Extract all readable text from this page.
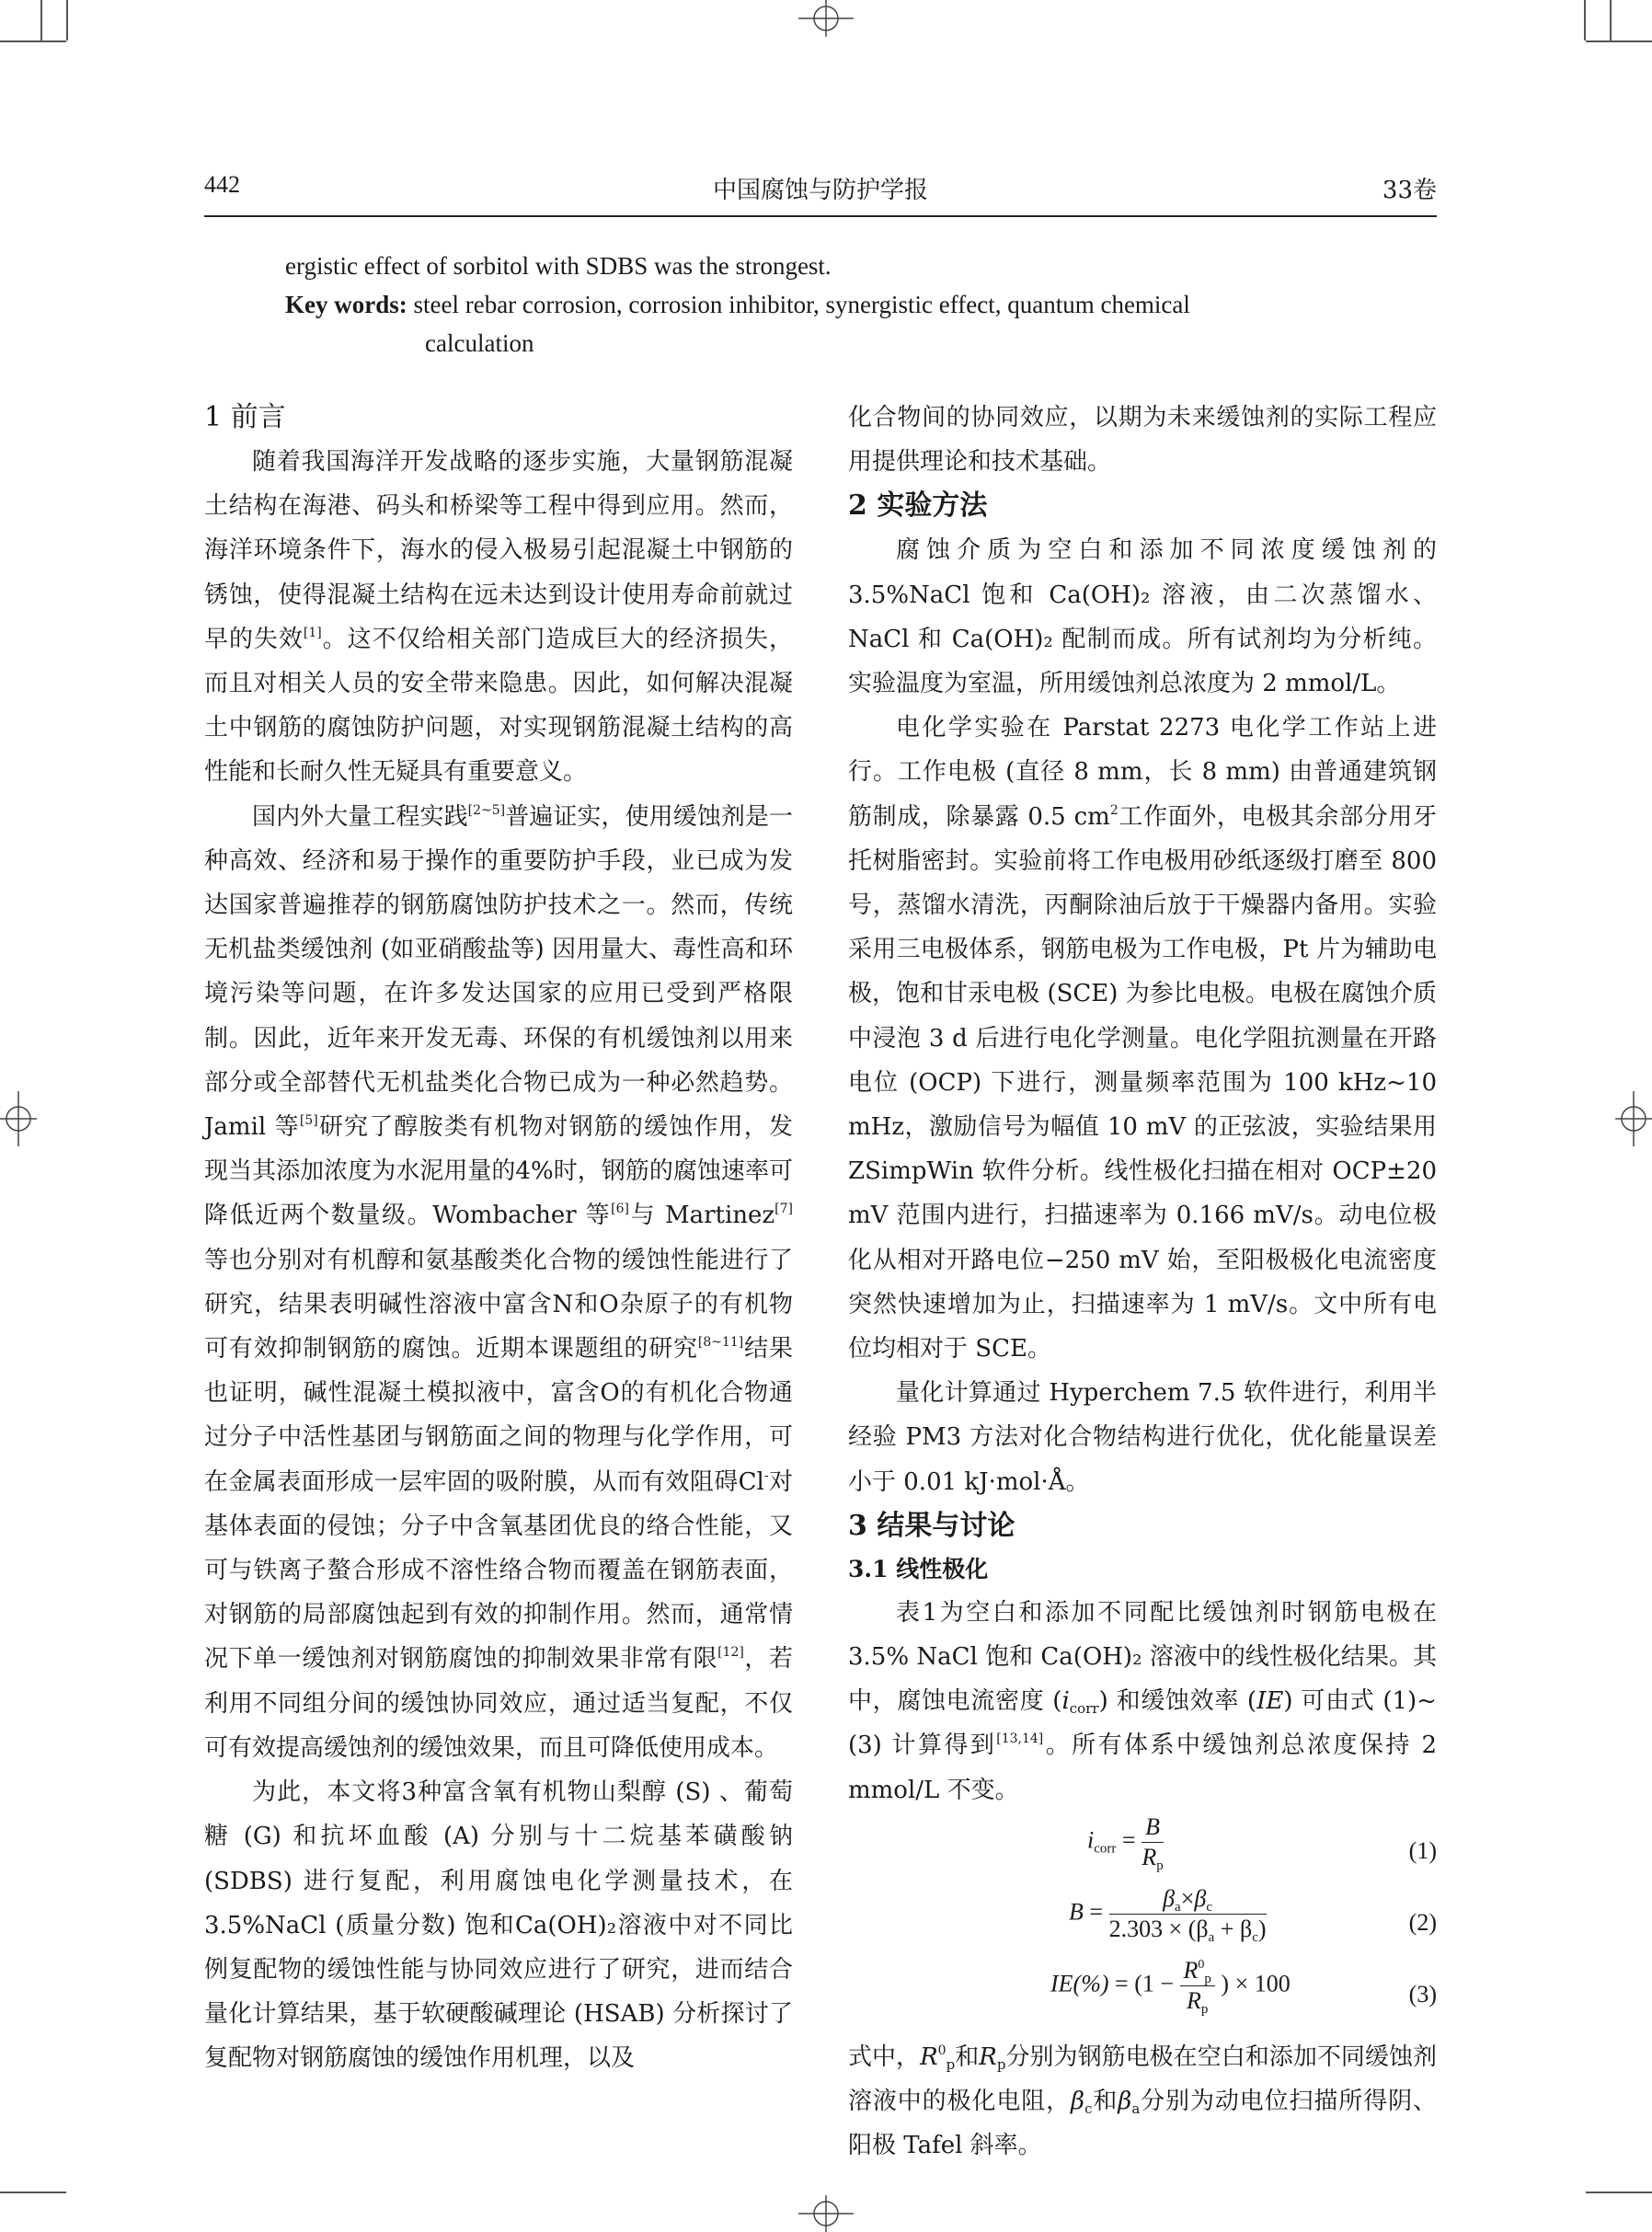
442	中国腐蚀与防护学报	33卷
ergistic effect of sorbitol with SDBS was the strongest.
Key words: steel rebar corrosion, corrosion inhibitor, synergistic effect, quantum chemical
calculation
1 前言

随着我国海洋开发战略的逐步实施，大量钢筋混凝土结构在海港、码头和桥梁等工程中得到应用。然而，海洋环境条件下，海水的侵入极易引起混凝土中钢筋的锈蚀，使得混凝土结构在远未达到设计使用寿命前就过早的失效[1]。这不仅给相关部门造成巨大的经济损失，而且对相关人员的安全带来隐患。因此，如何解决混凝土中钢筋的腐蚀防护问题，对实现钢筋混凝土结构的高性能和长耐久性无疑具有重要意义。

国内外大量工程实践[2~5]普遍证实，使用缓蚀剂是一种高效、经济和易于操作的重要防护手段，业已成为发达国家普遍推荐的钢筋腐蚀防护技术之一。然而，传统无机盐类缓蚀剂 (如亚硝酸盐等) 因用量大、毒性高和环境污染等问题，在许多发达国家的应用已受到严格限制。因此，近年来开发无毒、环保的有机缓蚀剂以用来部分或全部替代无机盐类化合物已成为一种必然趋势。Jamil 等[5]研究了醇胺类有机物对钢筋的缓蚀作用，发现当其添加浓度为水泥用量的4%时，钢筋的腐蚀速率可降低近两个数量级。Wombacher 等[6]与 Martinez[7]等也分别对有机醇和氨基酸类化合物的缓蚀性能进行了研究，结果表明碱性溶液中富含N和O杂原子的有机物可有效抑制钢筋的腐蚀。近期本课题组的研究[8~11]结果也证明，碱性混凝土模拟液中，富含O的有机化合物通过分子中活性基团与钢筋面之间的物理与化学作用，可在金属表面形成一层牢固的吸附膜，从而有效阻碍Cl-对基体表面的侵蚀；分子中含氧基团优良的络合性能，又可与铁离子螯合形成不溶性络合物而覆盖在钢筋表面，对钢筋的局部腐蚀起到有效的抑制作用。然而，通常情况下单一缓蚀剂对钢筋腐蚀的抑制效果非常有限[12]，若利用不同组分间的缓蚀协同效应，通过适当复配，不仅可有效提高缓蚀剂的缓蚀效果，而且可降低使用成本。

为此，本文将3种富含氧有机物山梨醇 (S) 、葡萄糖 (G) 和抗坏血酸 (A) 分别与十二烷基苯磺酸钠 (SDBS) 进行复配，利用腐蚀电化学测量技术，在3.5%NaCl (质量分数) 饱和Ca(OH)₂溶液中对不同比例复配物的缓蚀性能与协同效应进行了研究，进而结合量化计算结果，基于软硬酸碱理论 (HSAB) 分析探讨了复配物对钢筋腐蚀的缓蚀作用机理，以及

化合物间的协同效应，以期为未来缓蚀剂的实际工程应用提供理论和技术基础。

2 实验方法

腐蚀介质为空白和添加不同浓度缓蚀剂的3.5%NaCl 饱和 Ca(OH)₂ 溶液，由二次蒸馏水、NaCl 和 Ca(OH)₂ 配制而成。所有试剂均为分析纯。实验温度为室温，所用缓蚀剂总浓度为 2 mmol/L。

电化学实验在 Parstat 2273 电化学工作站上进行。工作电极 (直径 8 mm，长 8 mm) 由普通建筑钢筋制成，除暴露 0.5 $cm^2$工作面外，电极其余部分用牙托树脂密封。实验前将工作电极用砂纸逐级打磨至 800 号，蒸馏水清洗，丙酮除油后放于干燥器内备用。实验采用三电极体系，钢筋电极为工作电极，Pt 片为辅助电极，饱和甘汞电极 (SCE) 为参比电极。电极在腐蚀介质中浸泡 3 d 后进行电化学测量。电化学阻抗测量在开路电位 (OCP) 下进行，测量频率范围为 100 kHz~10 mHz，激励信号为幅值 10 mV 的正弦波，实验结果用 ZSimpWin 软件分析。线性极化扫描在相对 OCP±20 mV 范围内进行，扫描速率为 0.166 mV/s。动电位极化从相对开路电位−250 mV 始，至阳极极化电流密度突然快速增加为止，扫描速率为 1 mV/s。文中所有电位均相对于 SCE。

量化计算通过 Hyperchem 7.5 软件进行，利用半经验 PM3 方法对化合物结构进行优化，优化能量误差小于 0.01 kJ·mol·Å。

3 结果与讨论
3.1 线性极化

表1为空白和添加不同配比缓蚀剂时钢筋电极在 3.5% NaCl 饱和 Ca(OH)₂ 溶液中的线性极化结果。其中，腐蚀电流密度 $(i_{corr})$ 和缓蚀效率 (IE) 可由式 (1)~(3) 计算得到[13,14]。所有体系中缓蚀剂总浓度保持 2 mmol/L 不变。

$i_{corr} = \frac{B}{R_p}$	(1)
$B = \frac{\beta_a\times\beta_c}{2.303 \times (\beta_a + \beta_c)}$	(2)
$IE(\%) = (1 - \frac{R^0_p}{R_p}$ ) × 100	(3)

式中，$R^0_p$和$R_p$分别为钢筋电极在空白和添加不同缓蚀剂溶液中的极化电阻，$\beta_c$和$\beta_a$分别为动电位扫描所得阴、阳极 Tafel 斜率。
